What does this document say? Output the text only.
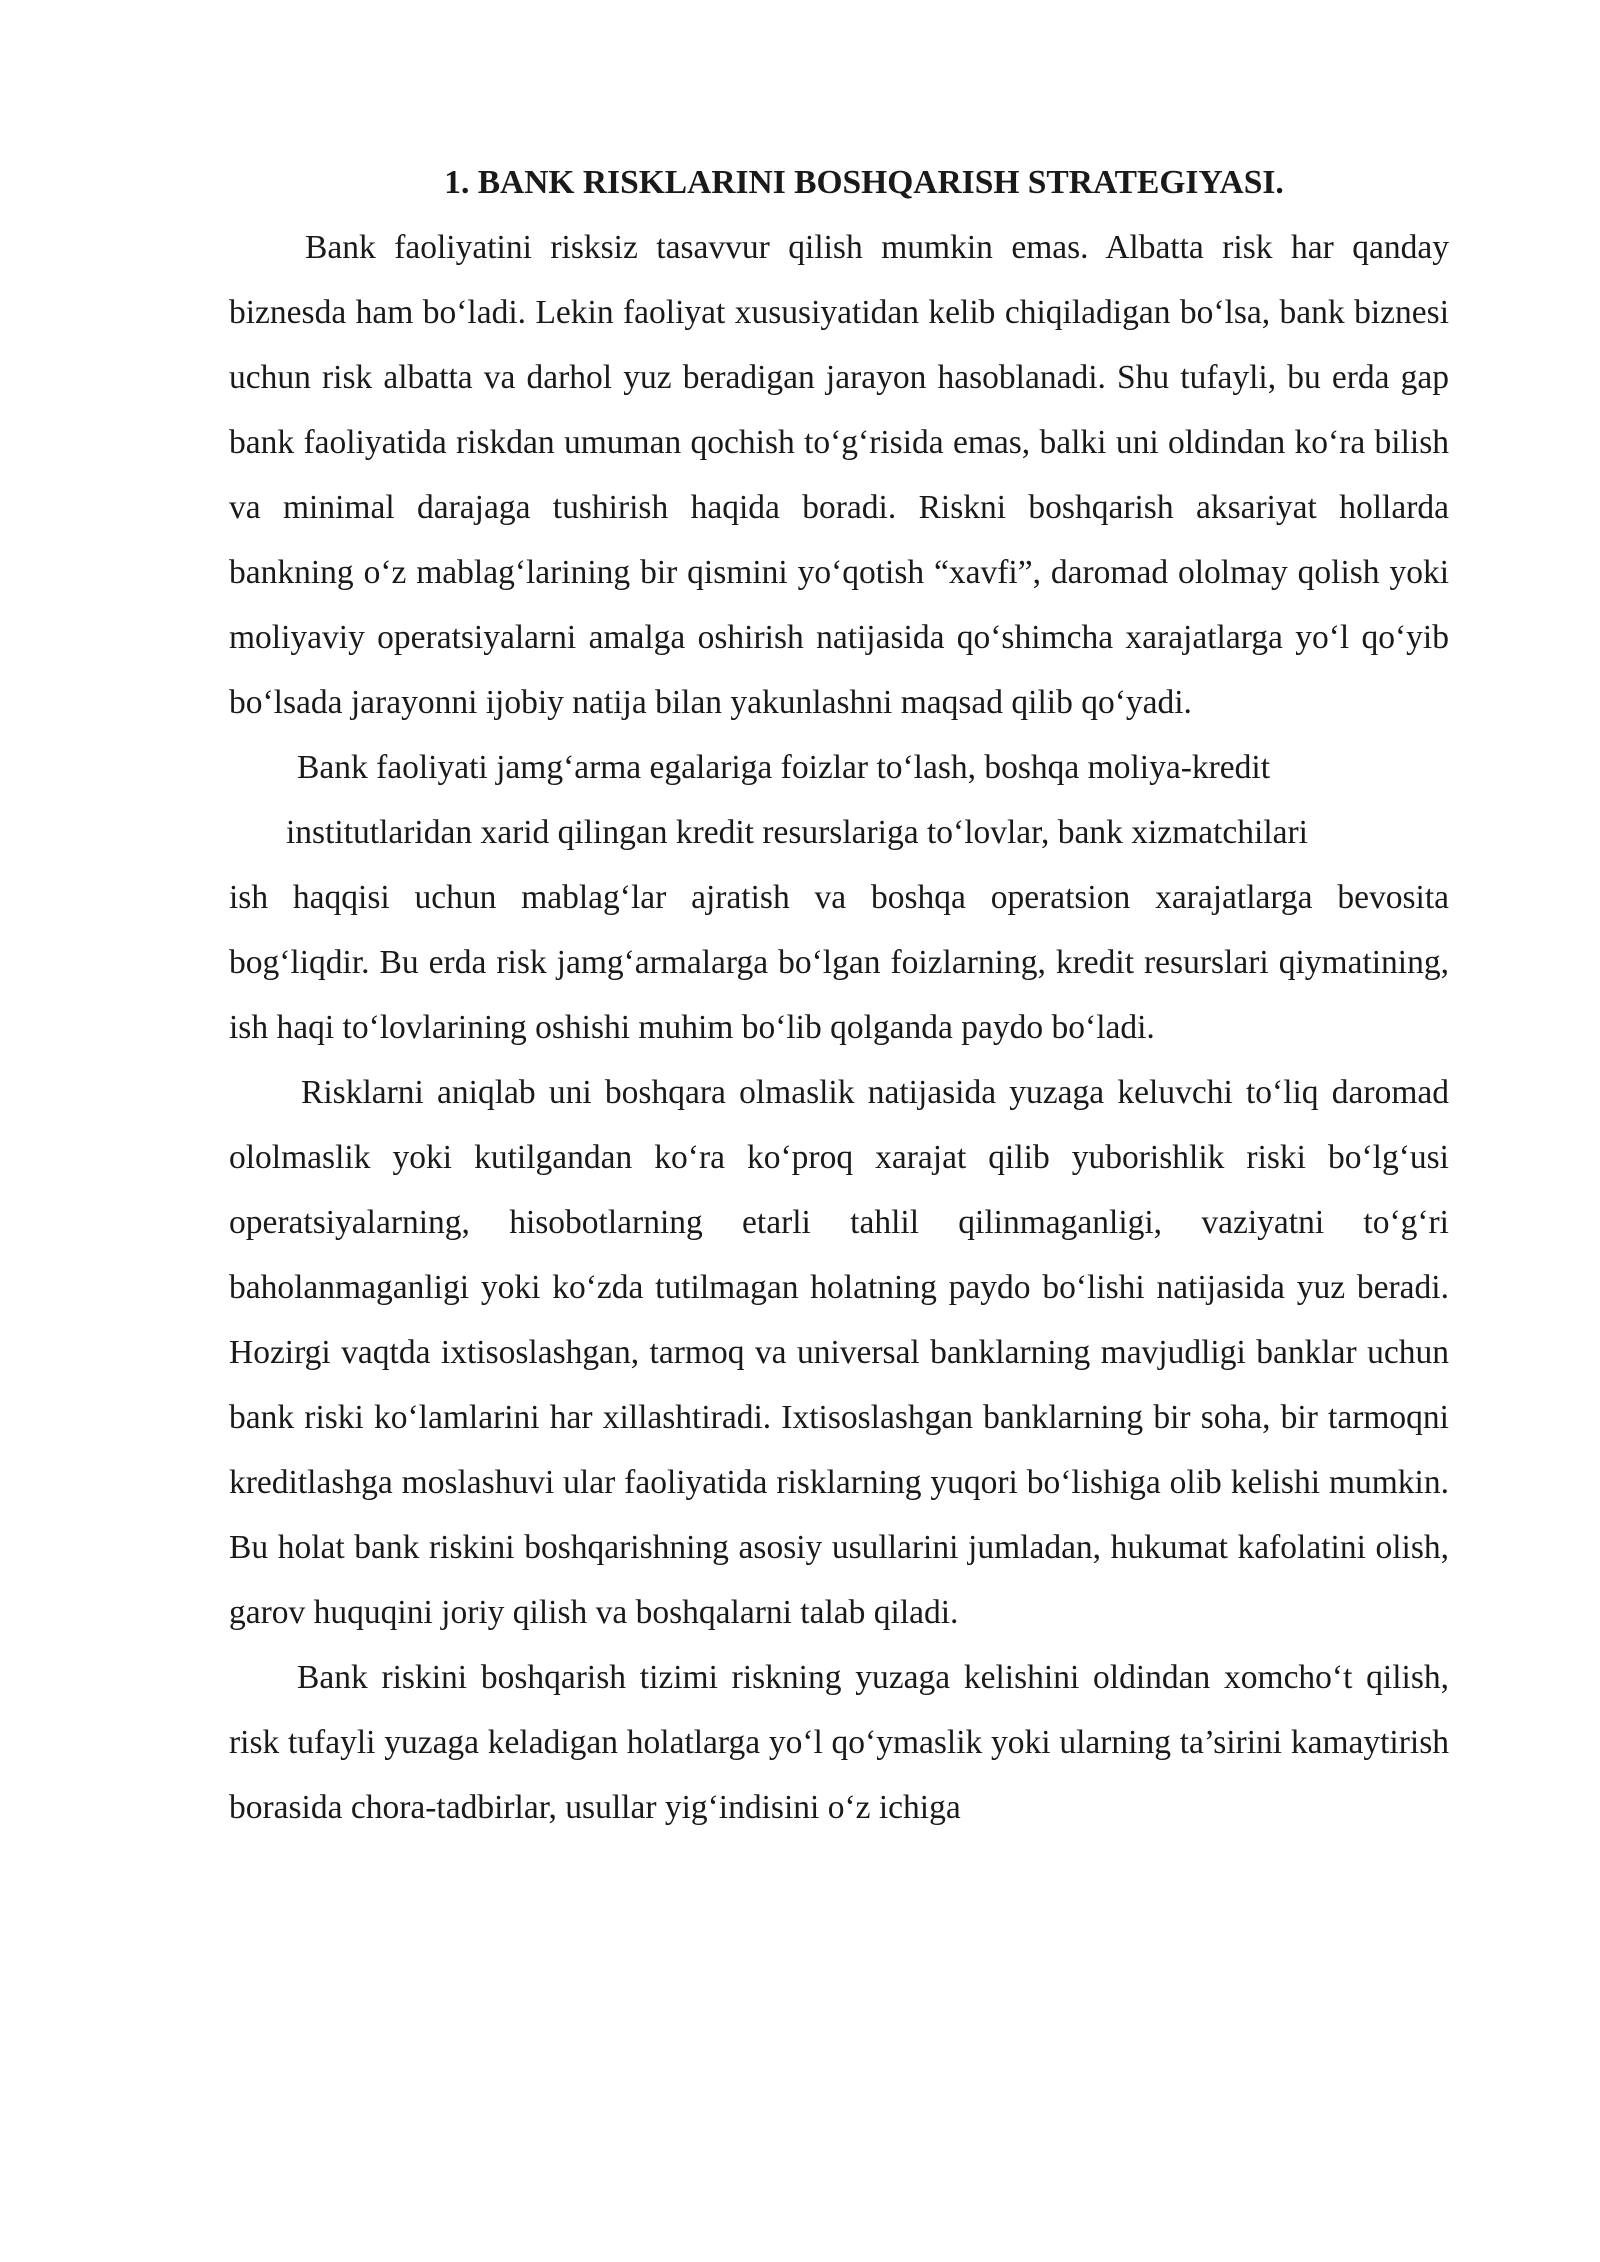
1. BANK RISKLARINI BOSHQARISH STRATEGIYASI.

Bank faoliyatini risksiz tasavvur qilish mumkin emas. Albatta risk har qanday biznesda ham bo‘ladi. Lekin faoliyat xususiyatidan kelib chiqiladigan bo‘lsa, bank biznesi uchun risk albatta va darhol yuz beradigan jarayon hasoblanadi. Shu tufayli, bu erda gap bank faoliyatida riskdan umuman qochish to‘g‘risida emas, balki uni oldindan ko‘ra bilish va minimal darajaga tushirish haqida boradi. Riskni boshqarish aksariyat hollarda bankning o‘z mablag‘larining bir qismini yo‘qotish “xavfi”, daromad ololmay qolish yoki moliyaviy operatsiyalarni amalga oshirish natijasida qo‘shimcha xarajatlarga yo‘l qo‘yib bo‘lsada jarayonni ijobiy natija bilan yakunlashni maqsad qilib qo‘yadi.

Bank faoliyati jamg‘arma egalariga foizlar to‘lash, boshqa moliya-kredit
institutlaridan xarid qilingan kredit resurslariga to‘lovlar, bank xizmatchilari
ish haqqisi uchun mablag‘lar ajratish va boshqa operatsion xarajatlarga bevosita bog‘liqdir. Bu erda risk jamg‘armalarga bo‘lgan foizlarning, kredit resurslari qiymatining, ish haqi to‘lovlarining oshishi muhim bo‘lib qolganda paydo bo‘ladi.

Risklarni aniqlab uni boshqara olmaslik natijasida yuzaga keluvchi to‘liq daromad ololmaslik yoki kutilgandan ko‘ra ko‘proq xarajat qilib yuborishlik riski bo‘lg‘usi operatsiyalarning, hisobotlarning etarli tahlil qilinmaganligi, vaziyatni to‘g‘ri baholanmaganligi yoki ko‘zda tutilmagan holatning paydo bo‘lishi natijasida yuz beradi. Hozirgi vaqtda ixtisoslashgan, tarmoq va universal banklarning mavjudligi banklar uchun bank riski ko‘lamlarini har xillashtiradi. Ixtisoslashgan banklarning bir soha, bir tarmoqni kreditlashga moslashuvi ular faoliyatida risklarning yuqori bo‘lishiga olib kelishi mumkin. Bu holat bank riskini boshqarishning asosiy usullarini jumladan, hukumat kafolatini olish, garov huquqini joriy qilish va boshqalarni talab qiladi.

Bank riskini boshqarish tizimi riskning yuzaga kelishini oldindan xomcho‘t qilish, risk tufayli yuzaga keladigan holatlarga yo‘l qo‘ymaslik yoki ularning ta’sirini kamaytirish borasida chora-tadbirlar, usullar yig‘indisini o‘z ichiga
